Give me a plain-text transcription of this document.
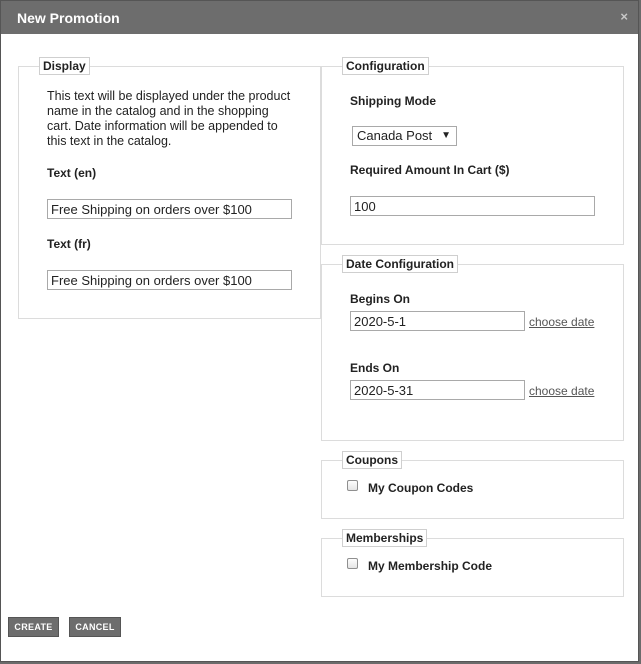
New Promotion	×
Display
This text will be displayed under the product name in the catalog and in the shopping cart. Date information will be appended to this text in the catalog.
Text (en)
Free Shipping on orders over $100
Text (fr)
Free Shipping on orders over $100
Configuration
Shipping Mode
Canada Post ▼
Required Amount In Cart ($)
100
Date Configuration
Begins On
2020-5-1
choose date
Ends On
2020-5-31
choose date
Coupons
My Coupon Codes
Memberships
My Membership Code
CREATE	CANCEL
